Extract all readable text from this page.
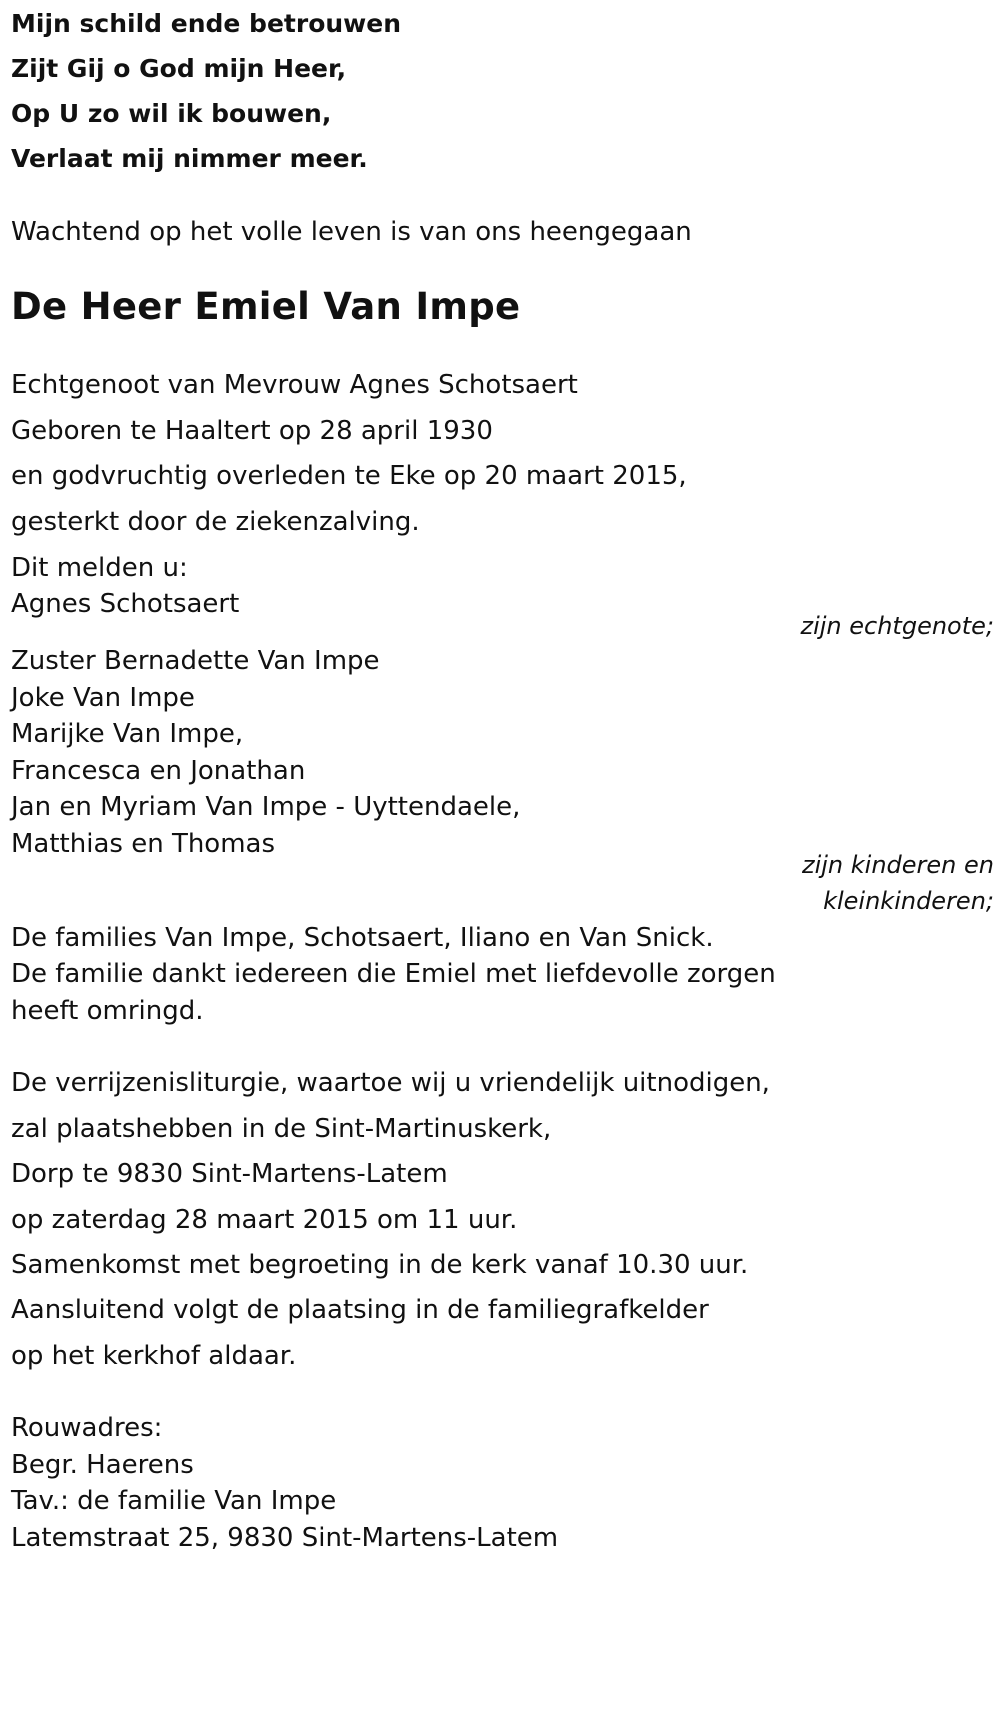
Mijn schild ende betrouwen
Zijt Gij o God mijn Heer,
Op U zo wil ik bouwen,
Verlaat mij nimmer meer.
Wachtend op het volle leven is van ons heengegaan
De Heer Emiel Van Impe
Echtgenoot van Mevrouw Agnes Schotsaert
Geboren te Haaltert op 28 april 1930
en godvruchtig overleden te Eke op 20 maart 2015,
gesterkt door de ziekenzalving.
Dit melden u:
Agnes Schotsaert
zijn echtgenote;
Zuster Bernadette Van Impe
Joke Van Impe
Marijke Van Impe,
Francesca en Jonathan
Jan en Myriam Van Impe - Uyttendaele,
Matthias en Thomas
zijn kinderen en
kleinkinderen;
De families Van Impe, Schotsaert, Iliano en Van Snick.
De familie dankt iedereen die Emiel met liefdevolle zorgen
heeft omringd.
De verrijzenisliturgie, waartoe wij u vriendelijk uitnodigen,
zal plaatshebben in de Sint-Martinuskerk,
Dorp te 9830 Sint-Martens-Latem
op zaterdag 28 maart 2015 om 11 uur.
Samenkomst met begroeting in de kerk vanaf 10.30 uur.
Aansluitend volgt de plaatsing in de familiegrafkelder
op het kerkhof aldaar.
Rouwadres:
Begr. Haerens
Tav.: de familie Van Impe
Latemstraat 25, 9830 Sint-Martens-Latem
